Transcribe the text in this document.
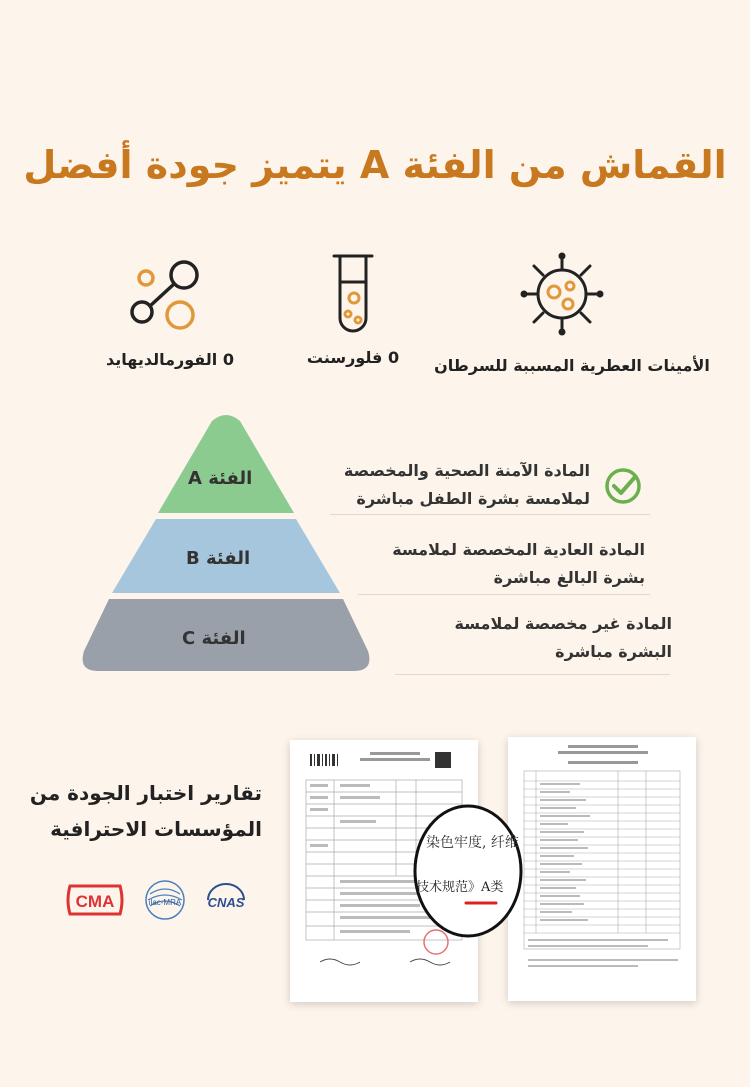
القماش من الفئة A يتميز جودة أفضل
الأمينات العطرية المسببة للسرطان
0 فلورسنت
0 الفورمالديهايد
الفئة A
الفئة B
الفئة C
المادة الآمنة الصحية والمخصصة
لملامسة بشرة الطفل مباشرة
المادة العادية المخصصة لملامسة
بشرة البالغ مباشرة
المادة غير مخصصة لملامسة
البشرة مباشرة
تقارير اختبار الجودة من
المؤسسات الاحترافية
CMA	ilac-MRA CNAS
染色牢度, 纤维
技术规范》A类
